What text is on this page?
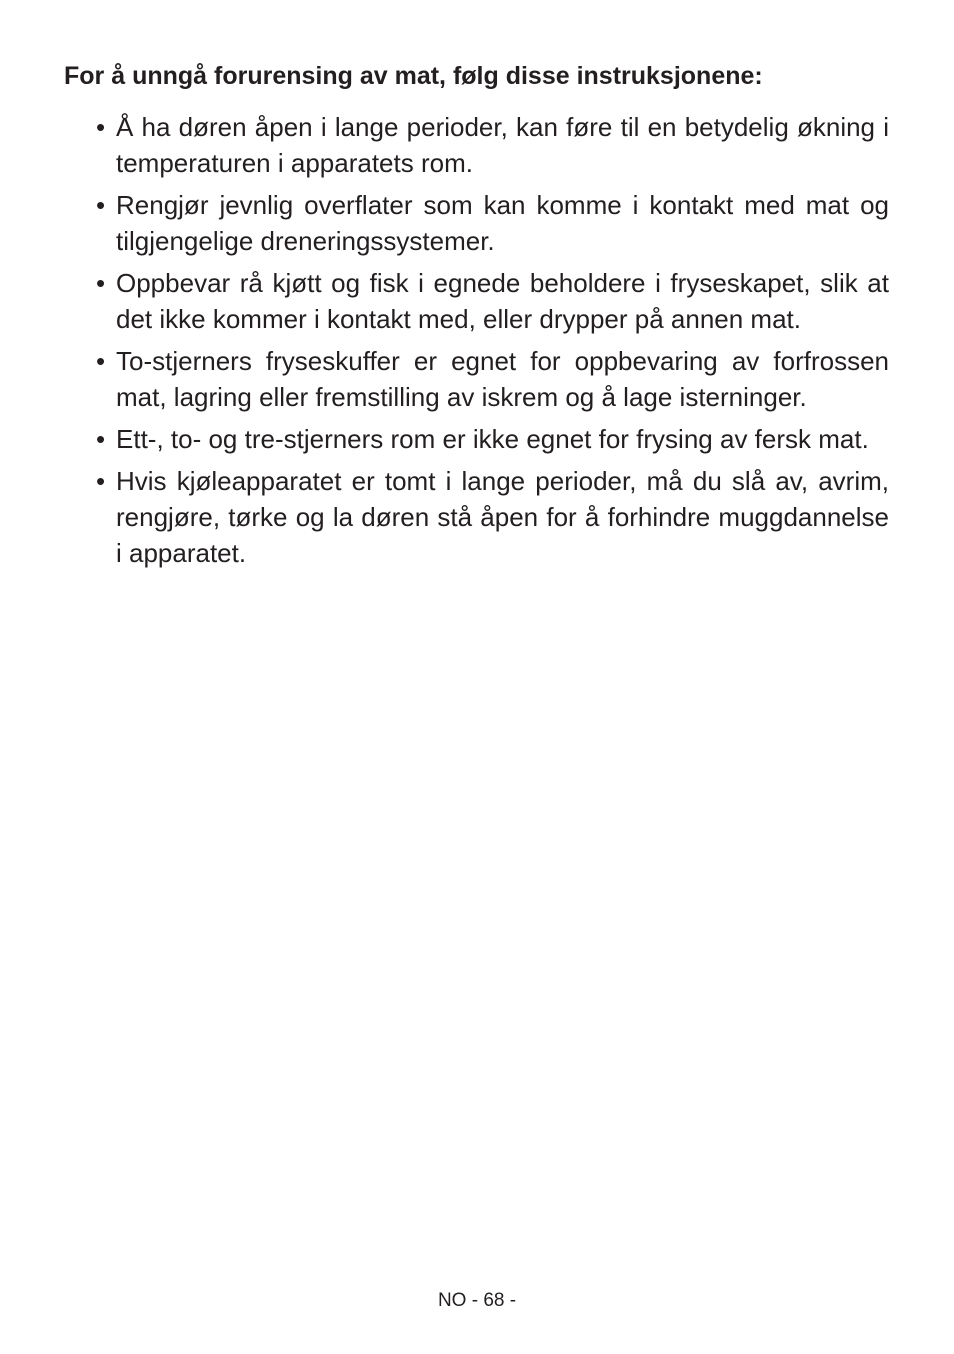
For å unngå forurensing av mat, følg disse instruksjonene:
• Å ha døren åpen i lange perioder, kan føre til en betydelig økning i temperaturen i apparatets rom.
• Rengjør jevnlig overflater som kan komme i kontakt med mat og tilgjengelige dreneringssystemer.
• Oppbevar rå kjøtt og fisk i egnede beholdere i fryseskapet, slik at det ikke kommer i kontakt med, eller drypper på annen mat.
• To-stjerners fryseskuffer er egnet for oppbevaring av forfrossen mat, lagring eller fremstilling av iskrem og å lage isterninger.
• Ett-, to- og tre-stjerners rom er ikke egnet for frysing av fersk mat.
• Hvis kjøleapparatet er tomt i lange perioder, må du slå av, avrim, rengjøre, tørke og la døren stå åpen for å forhindre muggdannelse i apparatet.
NO - 68 -
